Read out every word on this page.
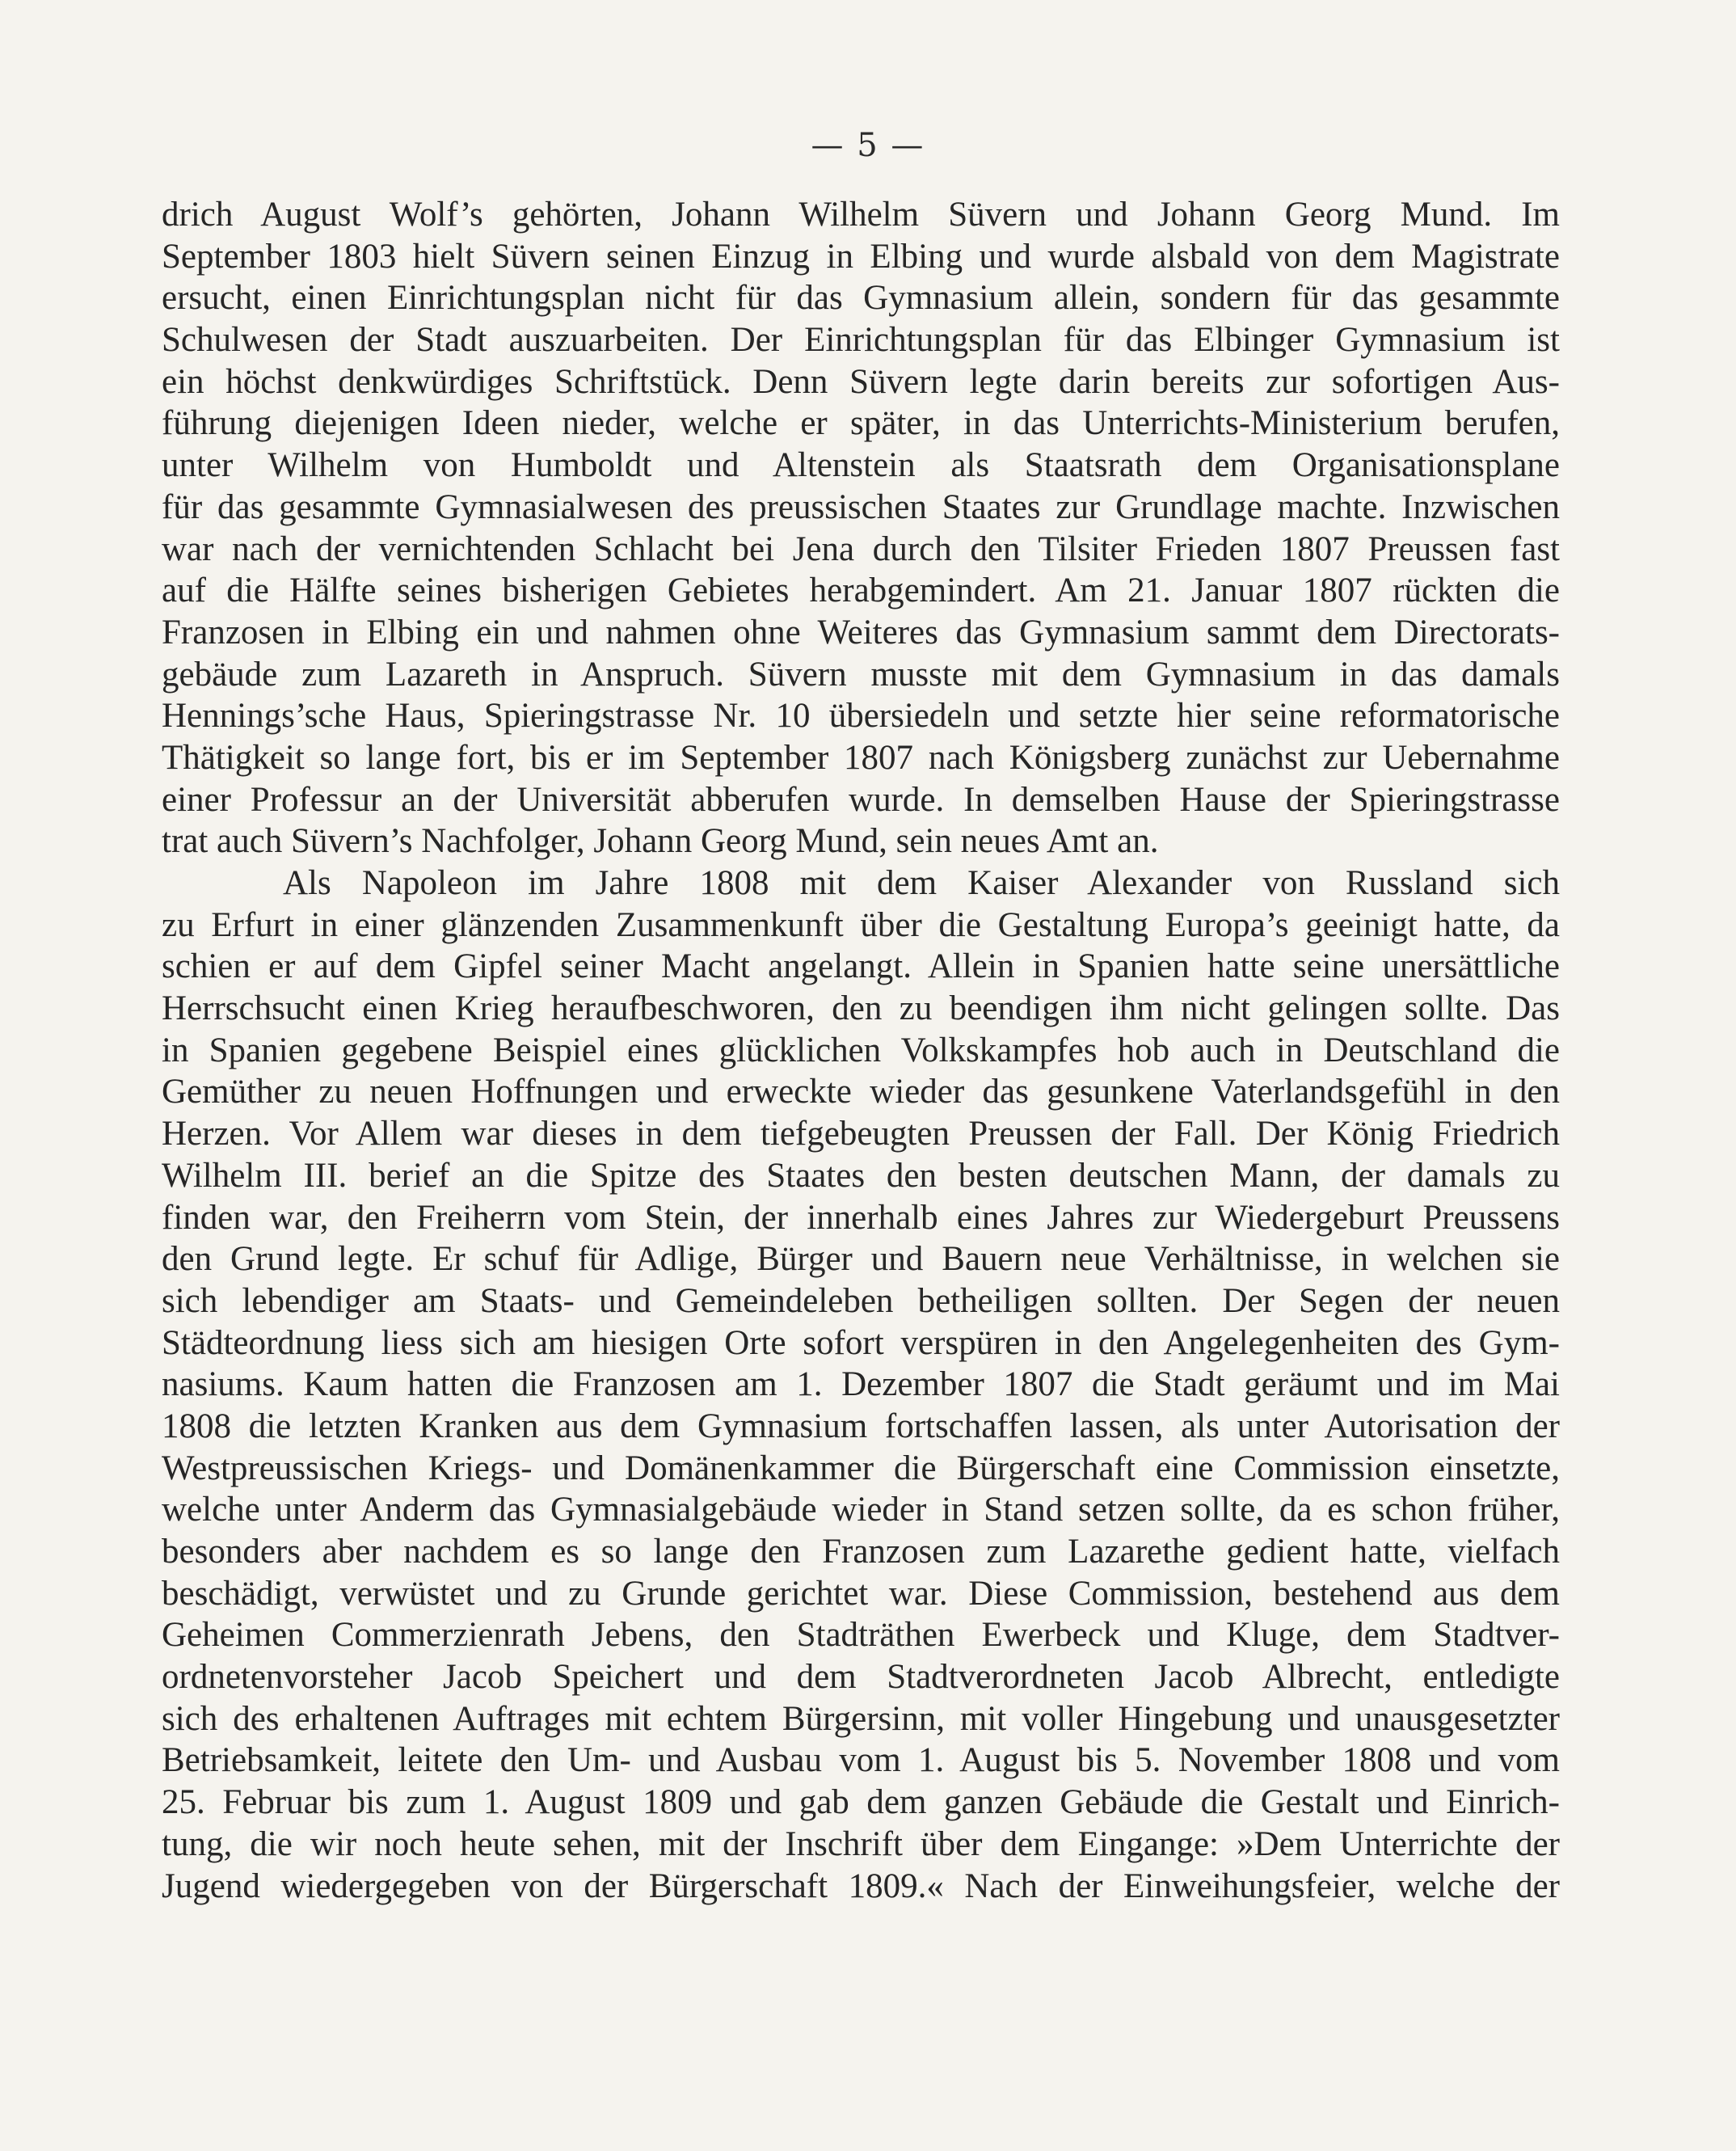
— 5 —
drich August Wolf’s gehörten, Johann Wilhelm Süvern und Johann Georg Mund. Im
September 1803 hielt Süvern seinen Einzug in Elbing und wurde alsbald von dem Magistrate
ersucht, einen Einrichtungsplan nicht für das Gymnasium allein, sondern für das gesammte
Schulwesen der Stadt auszuarbeiten. Der Einrichtungsplan für das Elbinger Gymnasium ist
ein höchst denkwürdiges Schriftstück. Denn Süvern legte darin bereits zur sofortigen Aus-
führung diejenigen Ideen nieder, welche er später, in das Unterrichts-Ministerium berufen,
unter Wilhelm von Humboldt und Altenstein als Staatsrath dem Organisationsplane
für das gesammte Gymnasialwesen des preussischen Staates zur Grundlage machte. Inzwischen
war nach der vernichtenden Schlacht bei Jena durch den Tilsiter Frieden 1807 Preussen fast
auf die Hälfte seines bisherigen Gebietes herabgemindert. Am 21. Januar 1807 rückten die
Franzosen in Elbing ein und nahmen ohne Weiteres das Gymnasium sammt dem Directorats-
gebäude zum Lazareth in Anspruch. Süvern musste mit dem Gymnasium in das damals
Hennings’sche Haus, Spieringstrasse Nr. 10 übersiedeln und setzte hier seine reformatorische
Thätigkeit so lange fort, bis er im September 1807 nach Königsberg zunächst zur Uebernahme
einer Professur an der Universität abberufen wurde. In demselben Hause der Spieringstrasse
trat auch Süvern’s Nachfolger, Johann Georg Mund, sein neues Amt an.
Als Napoleon im Jahre 1808 mit dem Kaiser Alexander von Russland sich
zu Erfurt in einer glänzenden Zusammenkunft über die Gestaltung Europa’s geeinigt hatte, da
schien er auf dem Gipfel seiner Macht angelangt. Allein in Spanien hatte seine unersättliche
Herrschsucht einen Krieg heraufbeschworen, den zu beendigen ihm nicht gelingen sollte. Das
in Spanien gegebene Beispiel eines glücklichen Volkskampfes hob auch in Deutschland die
Gemüther zu neuen Hoffnungen und erweckte wieder das gesunkene Vaterlandsgefühl in den
Herzen. Vor Allem war dieses in dem tiefgebeugten Preussen der Fall. Der König Friedrich
Wilhelm III. berief an die Spitze des Staates den besten deutschen Mann, der damals zu
finden war, den Freiherrn vom Stein, der innerhalb eines Jahres zur Wiedergeburt Preussens
den Grund legte. Er schuf für Adlige, Bürger und Bauern neue Verhältnisse, in welchen sie
sich lebendiger am Staats- und Gemeindeleben betheiligen sollten. Der Segen der neuen
Städteordnung liess sich am hiesigen Orte sofort verspüren in den Angelegenheiten des Gym-
nasiums. Kaum hatten die Franzosen am 1. Dezember 1807 die Stadt geräumt und im Mai
1808 die letzten Kranken aus dem Gymnasium fortschaffen lassen, als unter Autorisation der
Westpreussischen Kriegs- und Domänenkammer die Bürgerschaft eine Commission einsetzte,
welche unter Anderm das Gymnasialgebäude wieder in Stand setzen sollte, da es schon früher,
besonders aber nachdem es so lange den Franzosen zum Lazarethe gedient hatte, vielfach
beschädigt, verwüstet und zu Grunde gerichtet war. Diese Commission, bestehend aus dem
Geheimen Commerzienrath Jebens, den Stadträthen Ewerbeck und Kluge, dem Stadtver-
ordnetenvorsteher Jacob Speichert und dem Stadtverordneten Jacob Albrecht, entledigte
sich des erhaltenen Auftrages mit echtem Bürgersinn, mit voller Hingebung und unausgesetzter
Betriebsamkeit, leitete den Um- und Ausbau vom 1. August bis 5. November 1808 und vom
25. Februar bis zum 1. August 1809 und gab dem ganzen Gebäude die Gestalt und Einrich-
tung, die wir noch heute sehen, mit der Inschrift über dem Eingange: »Dem Unterrichte der
Jugend wiedergegeben von der Bürgerschaft 1809.« Nach der Einweihungsfeier, welche der
